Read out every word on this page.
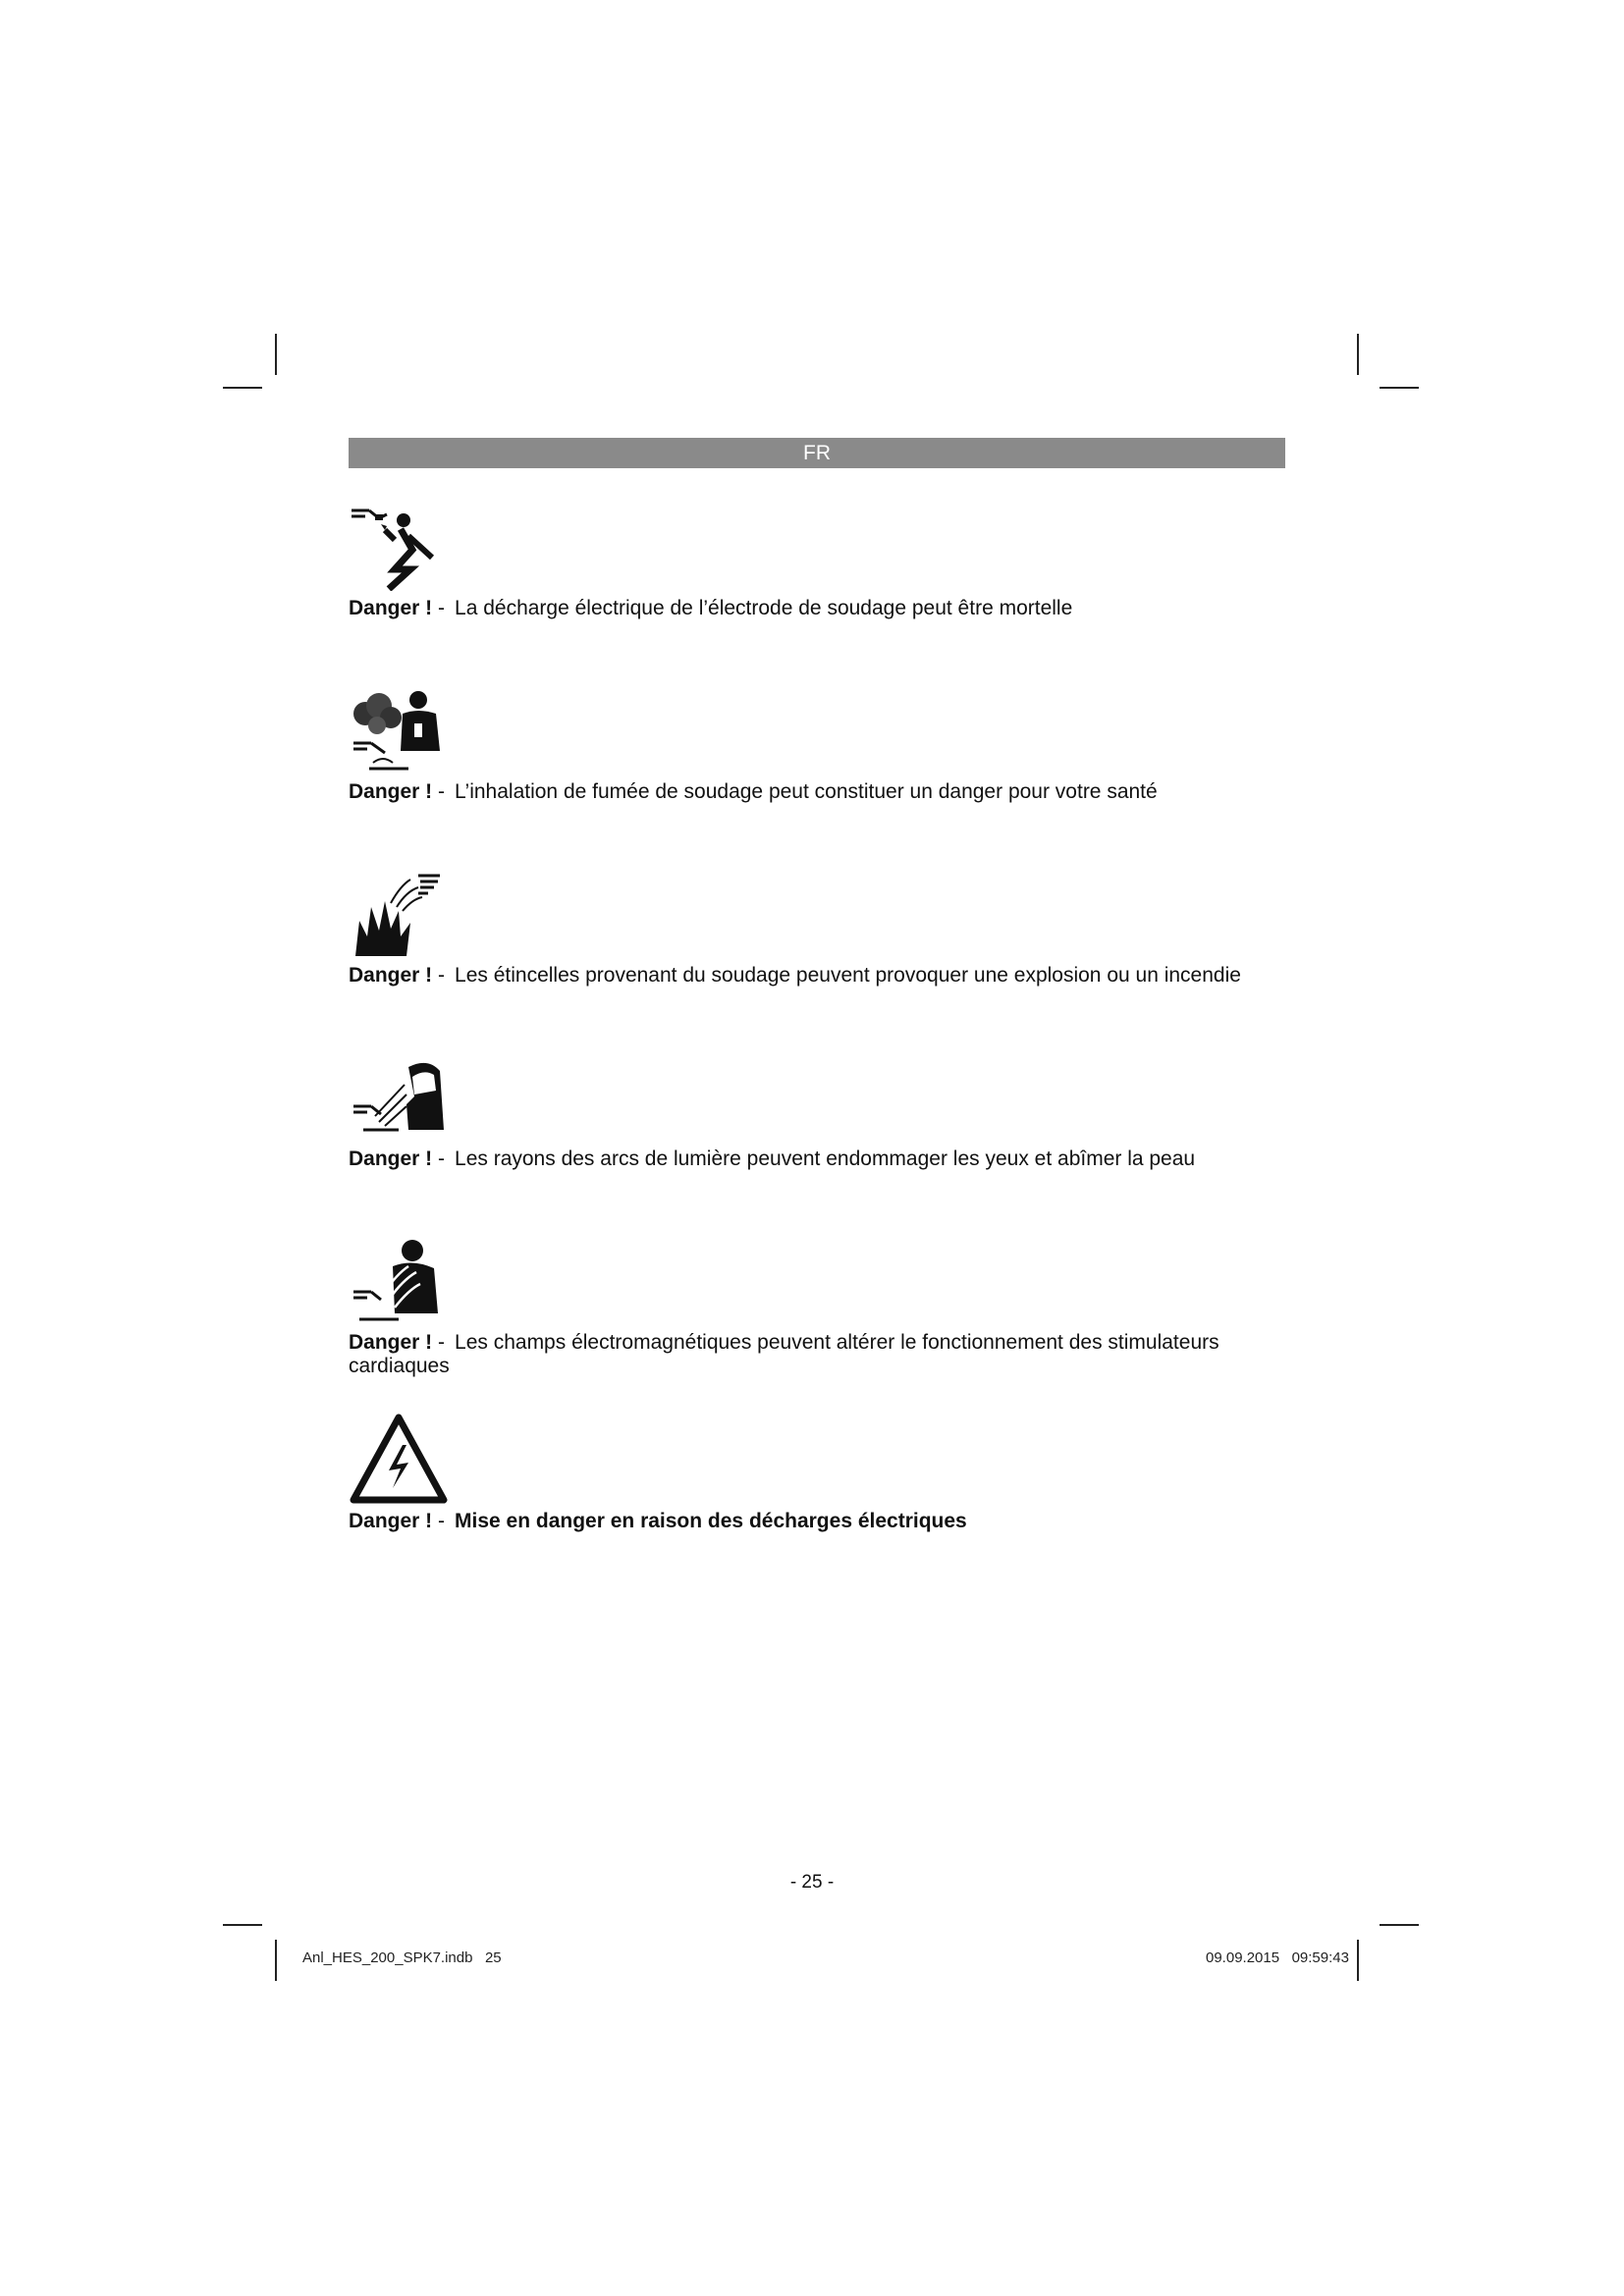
FR
Danger ! - La décharge électrique de l’électrode de soudage peut être mortelle
Danger ! - L’inhalation de fumée de soudage peut constituer un danger pour votre santé
Danger ! - Les étincelles provenant du soudage peuvent provoquer une explosion ou un incendie
Danger ! - Les rayons des arcs de lumière peuvent endommager les yeux et abîmer la peau
Danger ! - Les champs électromagnétiques peuvent altérer le fonctionnement des stimulateurs cardiaques
Danger ! - Mise en danger en raison des décharges électriques
- 25 -
Anl_HES_200_SPK7.indb   25	09.09.2015   09:59:43
